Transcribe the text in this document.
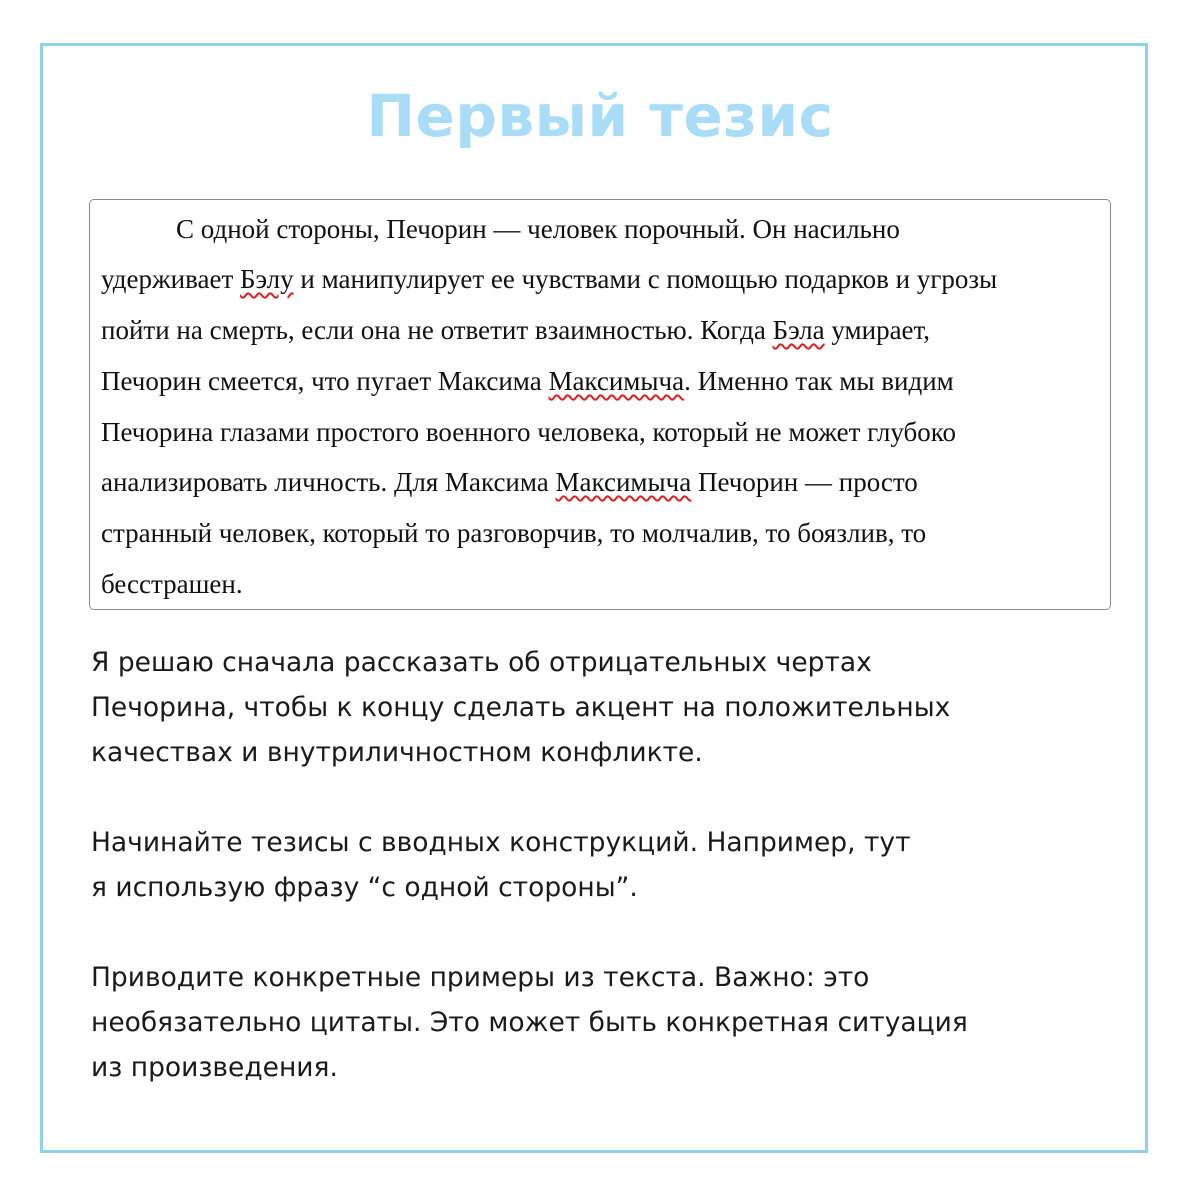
Первый тезис

С одной стороны, Печорин — человек порочный. Он насильно

удерживает Бэлу и манипулирует ее чувствами с помощью подарков и угрозы

пойти на смерть, если она не ответит взаимностью. Когда Бэла умирает,

Печорин смеется, что пугает Максима Максимыча. Именно так мы видим

Печорина глазами простого военного человека, который не может глубоко

анализировать личность. Для Максима Максимыча Печорин — просто

странный человек, который то разговорчив, то молчалив, то боязлив, то

бесстрашен.

Я решаю сначала рассказать об отрицательных чертах

Печорина, чтобы к концу сделать акцент на положительных

качествах и внутриличностном конфликте.

Начинайте тезисы с вводных конструкций. Например, тут

я использую фразу “с одной стороны”.

Приводите конкретные примеры из текста. Важно: это

необязательно цитаты. Это может быть конкретная ситуация

из произведения.
